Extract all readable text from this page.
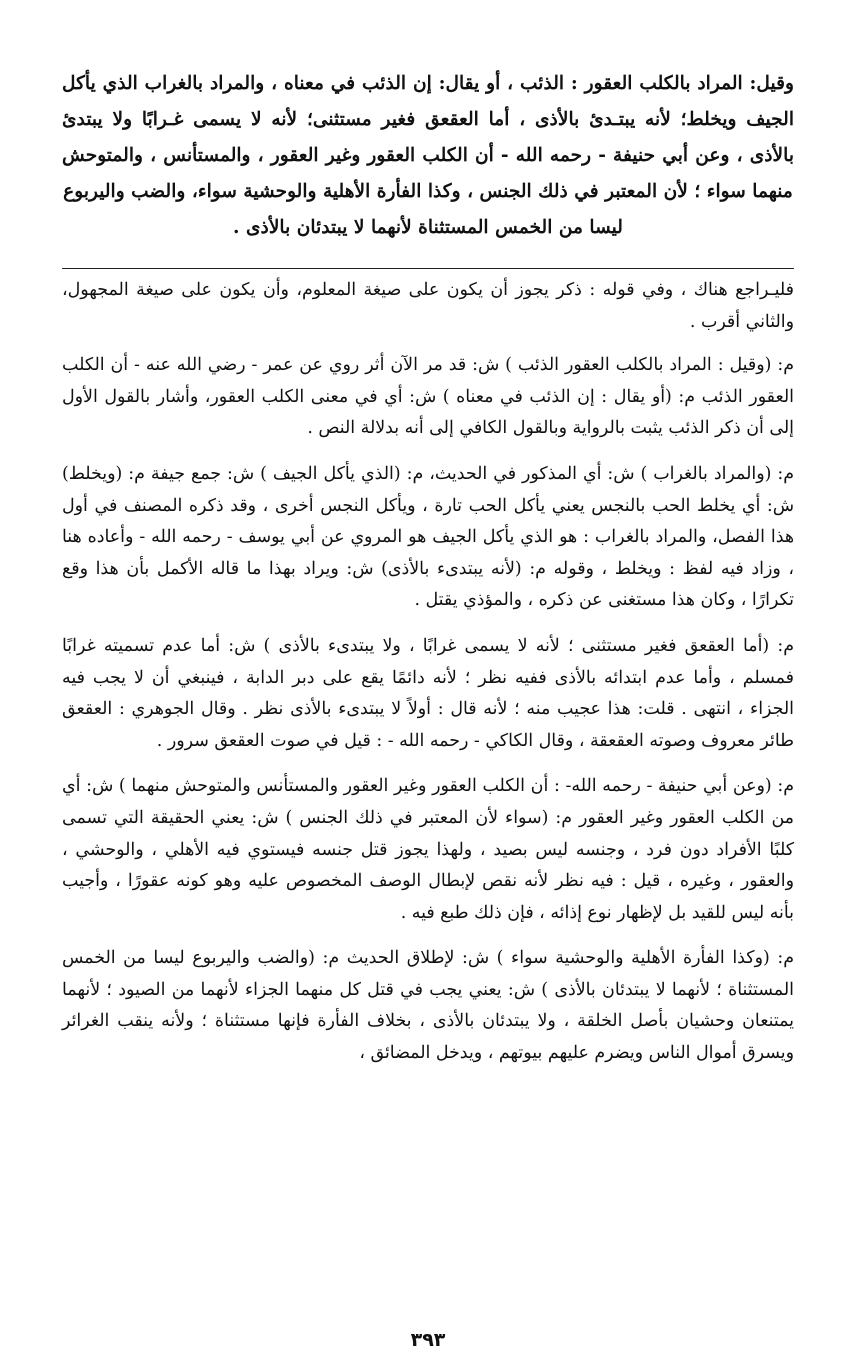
وقيل: المراد بالكلب العقور : الذئب ، أو يقال: إن الذئب في معناه ، والمراد بالغراب الذي يأكل الجيف ويخلط؛ لأنه يبتـدئ بالأذى ، أما العقعق فغير مستثنى؛ لأنه لا يسمى غـرابًا ولا يبتدئ بالأذى ، وعن أبي حنيفة - رحمه الله - أن الكلب العقور وغير العقور ، والمستأنس ، والمتوحش منهما سواء ؛ لأن المعتبر في ذلك الجنس ، وكذا الفأرة الأهلية والوحشية سواء، والضب واليربوع

ليسا من الخمس المستثناة لأنهما لا يبتدئان بالأذى .

فليـراجع هناك ، وفي قوله : ذكر يجوز أن يكون على صيغة المعلوم، وأن يكون على صيغة المجهول، والثاني أقرب .

م: (وقيل : المراد بالكلب العقور الذئب ) ش: قد مر الآن أثر روي عن عمر - رضي الله عنه - أن الكلب العقور الذئب م: (أو يقال : إن الذئب في معناه ) ش: أي في معنى الكلب العقور، وأشار بالقول الأول إلى أن ذكر الذئب يثبت بالرواية وبالقول الكافي إلى أنه بدلالة النص .

م: (والمراد بالغراب ) ش: أي المذكور في الحديث، م: (الذي يأكل الجيف ) ش: جمع جيفة م: (ويخلط) ش: أي يخلط الحب بالنجس يعني يأكل الحب تارة ، ويأكل النجس أخرى ، وقد ذكره المصنف في أول هذا الفصل، والمراد بالغراب : هو الذي يأكل الجيف هو المروي عن أبي يوسف - رحمه الله - وأعاده هنا ، وزاد فيه لفظ : ويخلط ، وقوله م: (لأنه يبتدىء بالأذى) ش: ويراد بهذا ما قاله الأكمل بأن هذا وقع تكرارًا ، وكان هذا مستغنى عن ذكره ، والمؤذي يقتل .

م: (أما العقعق فغير مستثنى ؛ لأنه لا يسمى غرابًا ، ولا يبتدىء بالأذى ) ش: أما عدم تسميته غرابًا فمسلم ، وأما عدم ابتدائه بالأذى ففيه نظر ؛ لأنه دائمًا يقع على دبر الدابة ، فينبغي أن لا يجب فيه الجزاء ، انتهى . قلت: هذا عجيب منه ؛ لأنه قال : أولاً لا يبتدىء بالأذى نظر . وقال الجوهري : العقعق طائر معروف وصوته العقعقة ، وقال الكاكي - رحمه الله - : قيل في صوت العقعق سرور .

م: (وعن أبي حنيفة - رحمه الله- : أن الكلب العقور وغير العقور والمستأنس والمتوحش منهما ) ش: أي من الكلب العقور وغير العقور م: (سواء لأن المعتبر في ذلك الجنس ) ش: يعني الحقيقة التي تسمى كلبًا الأفراد دون فرد ، وجنسه ليس بصيد ، ولهذا يجوز قتل جنسه فيستوي فيه الأهلي ، والوحشي ، والعقور ، وغيره ، قيل : فيه نظر لأنه نقص لإبطال الوصف المخصوص عليه وهو كونه عقورًا ، وأجيب بأنه ليس للقيد بل لإظهار نوع إذائه ، فإن ذلك طبع فيه .

م: (وكذا الفأرة الأهلية والوحشية سواء ) ش: لإطلاق الحديث م: (والضب واليربوع ليسا من الخمس المستثناة ؛ لأنهما لا يبتدئان بالأذى ) ش: يعني يجب في قتل كل منهما الجزاء لأنهما من الصيود ؛ لأنهما يمتنعان وحشيان بأصل الخلقة ، ولا يبتدئان بالأذى ، بخلاف الفأرة فإنها مستثناة ؛ ولأنه ينقب الغرائر ويسرق أموال الناس ويضرم عليهم بيوتهم ، ويدخل المضائق ،

٣٩٣
